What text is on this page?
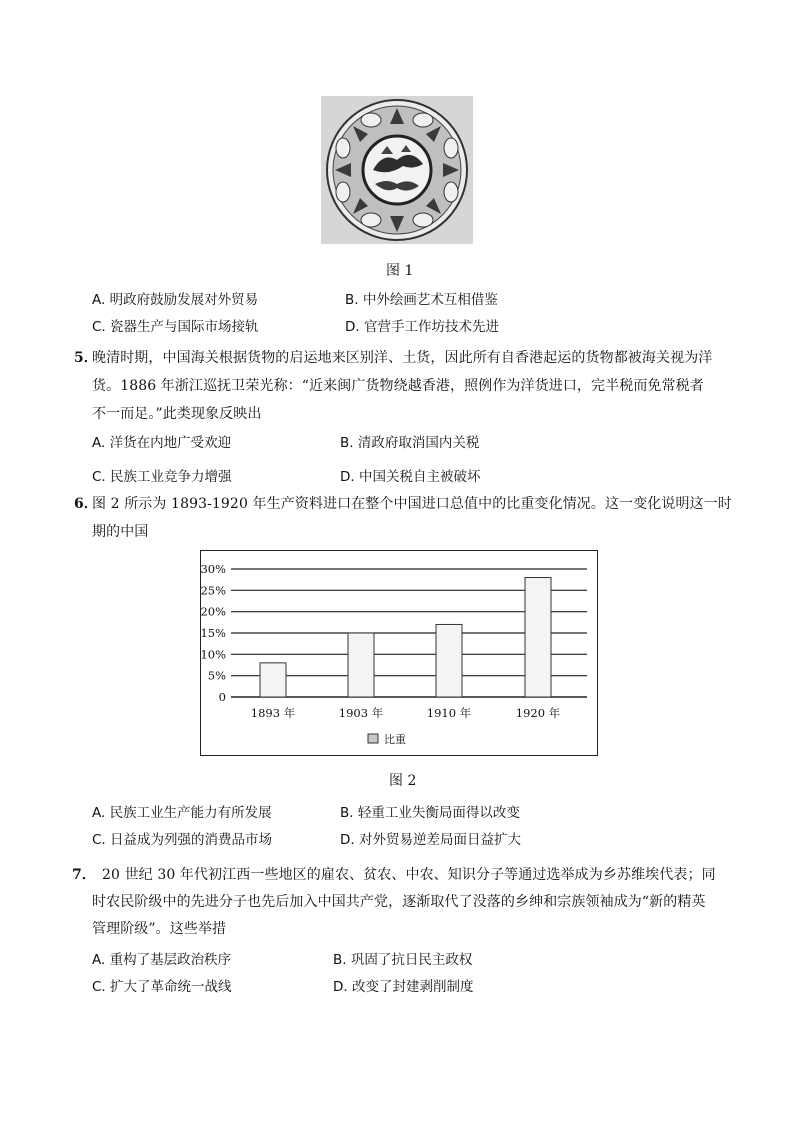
图 1
A. 明政府鼓励发展对外贸易	B. 中外绘画艺术互相借鉴
C. 瓷器生产与国际市场接轨	D. 官营手工作坊技术先进
5．
晚清时期，中国海关根据货物的启运地来区别洋、土货，因此所有自香港起运的货物都被海关视为洋
货。1886 年浙江巡抚卫荣光称：“近来闽广货物绕越香港，照例作为洋货进口，完半税而免常税者
不一而足。”此类现象反映出
A. 洋货在内地广受欢迎	B. 清政府取消国内关税
C. 民族工业竞争力增强	D. 中国关税自主被破坏
6．
图 2 所示为 1893-1920 年生产资料进口在整个中国进口总值中的比重变化情况。这一变化说明这一时
期的中国
0
5%
10%
15%
20%
25%
30%
1893 年	1903 年	1910 年	1920 年
比重
图 2
A. 民族工业生产能力有所发展	B. 轻重工业失衡局面得以改变
C. 日益成为列强的消费品市场	D. 对外贸易逆差局面日益扩大
7． 20 世纪 30 年代初江西一些地区的雇农、贫农、中农、知识分子等通过选举成为乡苏维埃代表；同
时农民阶级中的先进分子也先后加入中国共产党，逐渐取代了没落的乡绅和宗族领袖成为“新的精英
管理阶级”。这些举措
A. 重构了基层政治秩序	B. 巩固了抗日民主政权
C. 扩大了革命统一战线	D. 改变了封建剥削制度
